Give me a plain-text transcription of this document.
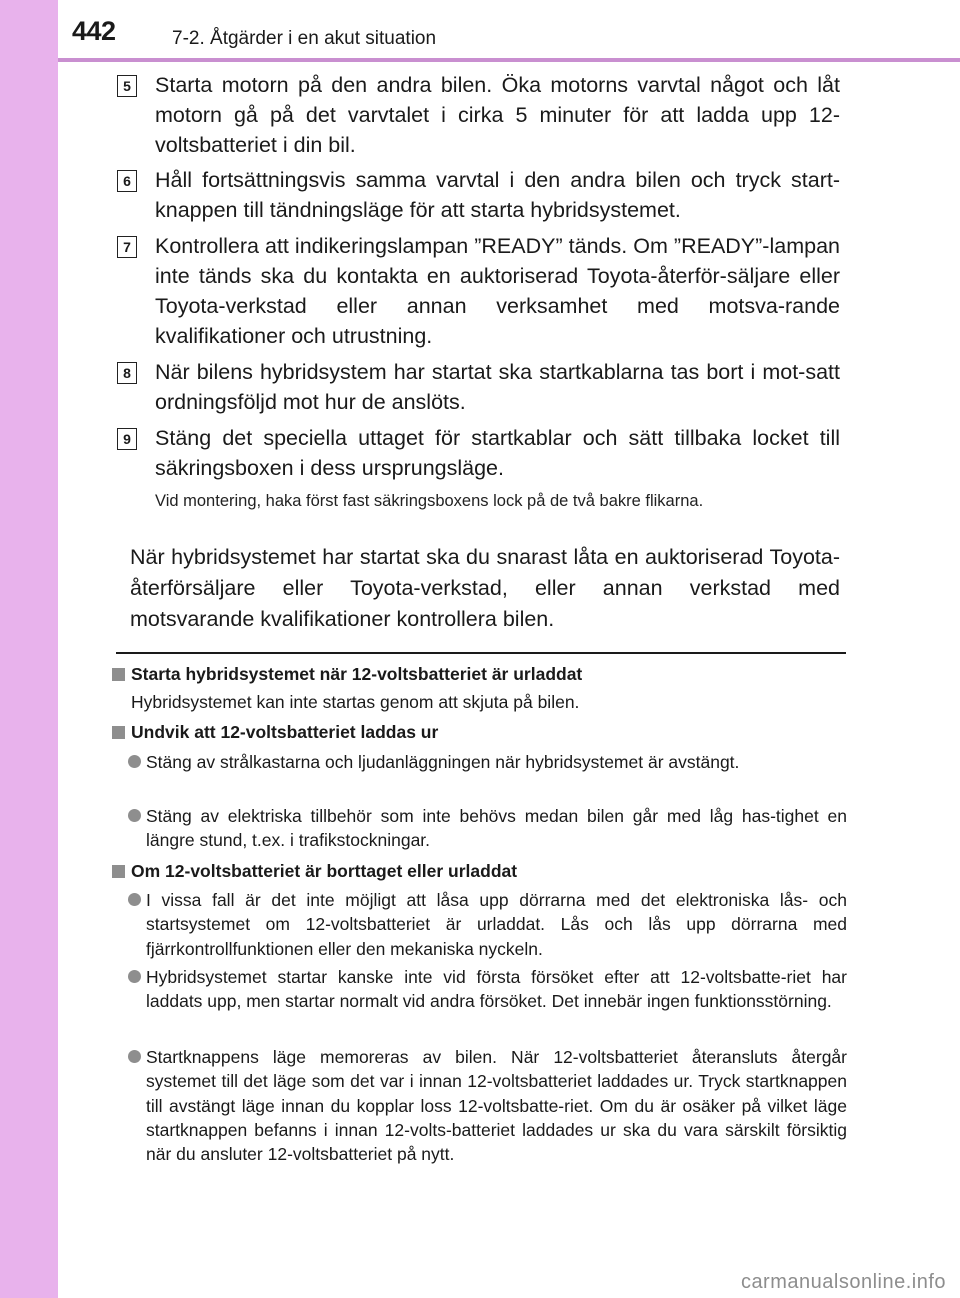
442	7-2. Åtgärder i en akut situation
5 Starta motorn på den andra bilen. Öka motorns varvtal något och låt motorn gå på det varvtalet i cirka 5 minuter för att ladda upp 12-voltsbatteriet i din bil.
6 Håll fortsättningsvis samma varvtal i den andra bilen och tryck start-knappen till tändningsläge för att starta hybridsystemet.
7 Kontrollera att indikeringslampan ”READY” tänds. Om ”READY”-lampan inte tänds ska du kontakta en auktoriserad Toyota-återför-säljare eller Toyota-verkstad eller annan verksamhet med motsva-rande kvalifikationer och utrustning.
8 När bilens hybridsystem har startat ska startkablarna tas bort i mot-satt ordningsföljd mot hur de anslöts.
9 Stäng det speciella uttaget för startkablar och sätt tillbaka locket till säkringsboxen i dess ursprungsläge.
Vid montering, haka först fast säkringsboxens lock på de två bakre flikarna.
När hybridsystemet har startat ska du snarast låta en auktoriserad Toyota-återförsäljare eller Toyota-verkstad, eller annan verkstad med motsvarande kvalifikationer kontrollera bilen.
Starta hybridsystemet när 12-voltsbatteriet är urladdat
Hybridsystemet kan inte startas genom att skjuta på bilen.
Undvik att 12-voltsbatteriet laddas ur
Stäng av strålkastarna och ljudanläggningen när hybridsystemet är avstängt.
Stäng av elektriska tillbehör som inte behövs medan bilen går med låg has-tighet en längre stund, t.ex. i trafikstockningar.
Om 12-voltsbatteriet är borttaget eller urladdat
I vissa fall är det inte möjligt att låsa upp dörrarna med det elektroniska lås- och startsystemet om 12-voltsbatteriet är urladdat. Lås och lås upp dörrarna med fjärrkontrollfunktionen eller den mekaniska nyckeln.
Hybridsystemet startar kanske inte vid första försöket efter att 12-voltsbatte-riet har laddats upp, men startar normalt vid andra försöket. Det innebär ingen funktionsstörning.
Startknappens läge memoreras av bilen. När 12-voltsbatteriet återansluts återgår systemet till det läge som det var i innan 12-voltsbatteriet laddades ur. Tryck startknappen till avstängt läge innan du kopplar loss 12-voltsbatte-riet. Om du är osäker på vilket läge startknappen befanns i innan 12-volts-batteriet laddades ur ska du vara särskilt försiktig när du ansluter 12-voltsbatteriet på nytt.
carmanualsonline.info
